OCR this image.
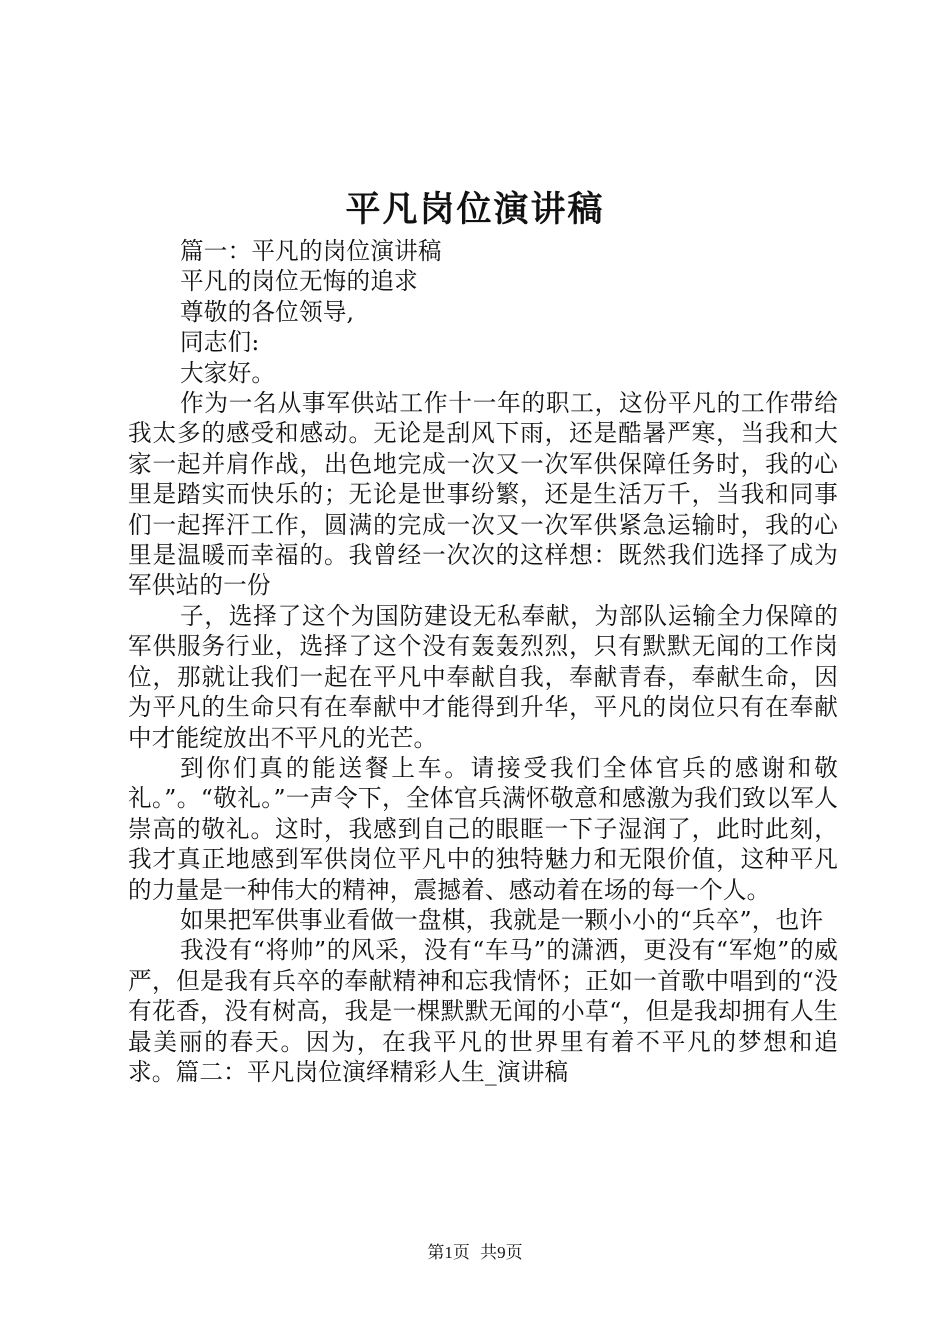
平凡岗位演讲稿

篇一：平凡的岗位演讲稿

平凡的岗位无悔的追求

尊敬的各位领导,

同志们:

大家好。

作为一名从事军供站工作十一年的职工，这份平凡的工作带给我太多的感受和感动。无论是刮风下雨，还是酷暑严寒，当我和大家一起并肩作战，出色地完成一次又一次军供保障任务时，我的心里是踏实而快乐的；无论是世事纷繁，还是生活万千，当我和同事们一起挥汗工作，圆满的完成一次又一次军供紧急运输时，我的心里是温暖而幸福的。我曾经一次次的这样想：既然我们选择了成为军供站的一份

子，选择了这个为国防建设无私奉献，为部队运输全力保障的军供服务行业，选择了这个没有轰轰烈烈，只有默默无闻的工作岗位，那就让我们一起在平凡中奉献自我，奉献青春，奉献生命，因为平凡的生命只有在奉献中才能得到升华，平凡的岗位只有在奉献中才能绽放出不平凡的光芒。

到你们真的能送餐上车。请接受我们全体官兵的感谢和敬礼。”。“敬礼。”一声令下，全体官兵满怀敬意和感激为我们致以军人崇高的敬礼。这时，我感到自己的眼眶一下子湿润了，此时此刻，我才真正地感到军供岗位平凡中的独特魅力和无限价值，这种平凡的力量是一种伟大的精神，震撼着、感动着在场的每一个人。

如果把军供事业看做一盘棋，我就是一颗小小的“兵卒”，也许

我没有“将帅”的风采，没有“车马”的潇洒，更没有“军炮”的威严，但是我有兵卒的奉献精神和忘我情怀；正如一首歌中唱到的“没有花香，没有树高，我是一棵默默无闻的小草“，但是我却拥有人生最美丽的春天。因为，在我平凡的世界里有着不平凡的梦想和追求。篇二：平凡岗位演绎精彩人生_演讲稿

第1页 共9页
